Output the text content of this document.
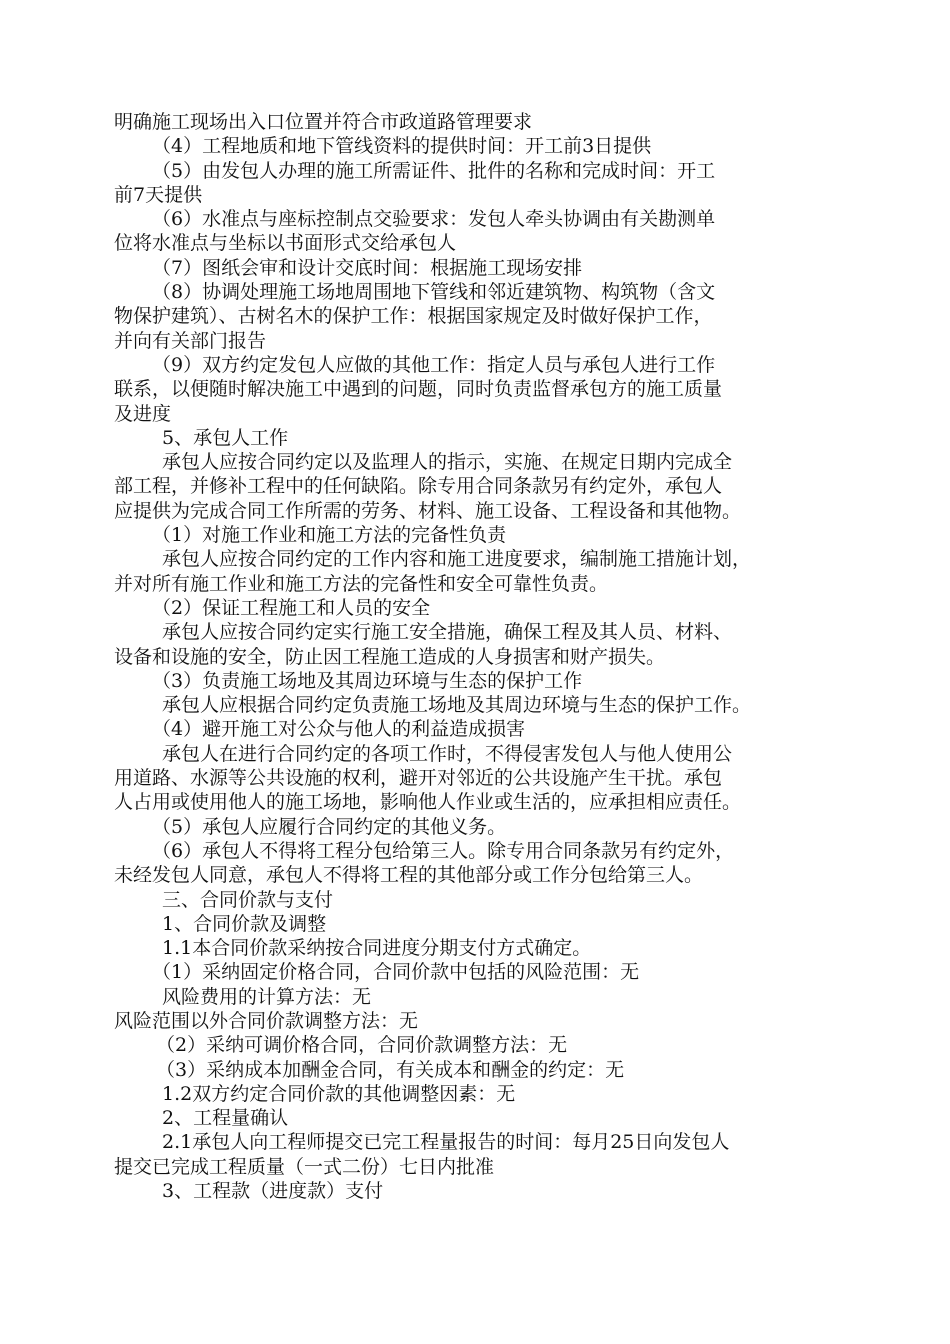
明确施工现场出入口位置并符合市政道路管理要求
（4）工程地质和地下管线资料的提供时间：开工前3日提供
（5）由发包人办理的施工所需证件、批件的名称和完成时间：开工
前7天提供
（6）水准点与座标控制点交验要求：发包人牵头协调由有关勘测单
位将水准点与坐标以书面形式交给承包人
（7）图纸会审和设计交底时间：根据施工现场安排
（8）协调处理施工场地周围地下管线和邻近建筑物、构筑物（含文
物保护建筑）、古树名木的保护工作：根据国家规定及时做好保护工作，
并向有关部门报告
（9）双方约定发包人应做的其他工作：指定人员与承包人进行工作
联系，以便随时解决施工中遇到的问题，同时负责监督承包方的施工质量
及进度
5、承包人工作
承包人应按合同约定以及监理人的指示，实施、在规定日期内完成全
部工程，并修补工程中的任何缺陷。除专用合同条款另有约定外，承包人
应提供为完成合同工作所需的劳务、材料、施工设备、工程设备和其他物。
（1）对施工作业和施工方法的完备性负责
承包人应按合同约定的工作内容和施工进度要求，编制施工措施计划，
并对所有施工作业和施工方法的完备性和安全可靠性负责。
（2）保证工程施工和人员的安全
承包人应按合同约定实行施工安全措施，确保工程及其人员、材料、
设备和设施的安全，防止因工程施工造成的人身损害和财产损失。
（3）负责施工场地及其周边环境与生态的保护工作
承包人应根据合同约定负责施工场地及其周边环境与生态的保护工作。
（4）避开施工对公众与他人的利益造成损害
承包人在进行合同约定的各项工作时，不得侵害发包人与他人使用公
用道路、水源等公共设施的权利，避开对邻近的公共设施产生干扰。承包
人占用或使用他人的施工场地，影响他人作业或生活的，应承担相应责任。
（5）承包人应履行合同约定的其他义务。
（6）承包人不得将工程分包给第三人。除专用合同条款另有约定外，
未经发包人同意，承包人不得将工程的其他部分或工作分包给第三人。
三、合同价款与支付
1、合同价款及调整
1.1本合同价款采纳按合同进度分期支付方式确定。
（1）采纳固定价格合同，合同价款中包括的风险范围：无
风险费用的计算方法：无
风险范围以外合同价款调整方法：无
（2）采纳可调价格合同，合同价款调整方法：无
（3）采纳成本加酬金合同，有关成本和酬金的约定：无
1.2双方约定合同价款的其他调整因素：无
2、工程量确认
2.1承包人向工程师提交已完工程量报告的时间：每月25日向发包人
提交已完成工程质量（一式二份）七日内批准
3、工程款（进度款）支付
